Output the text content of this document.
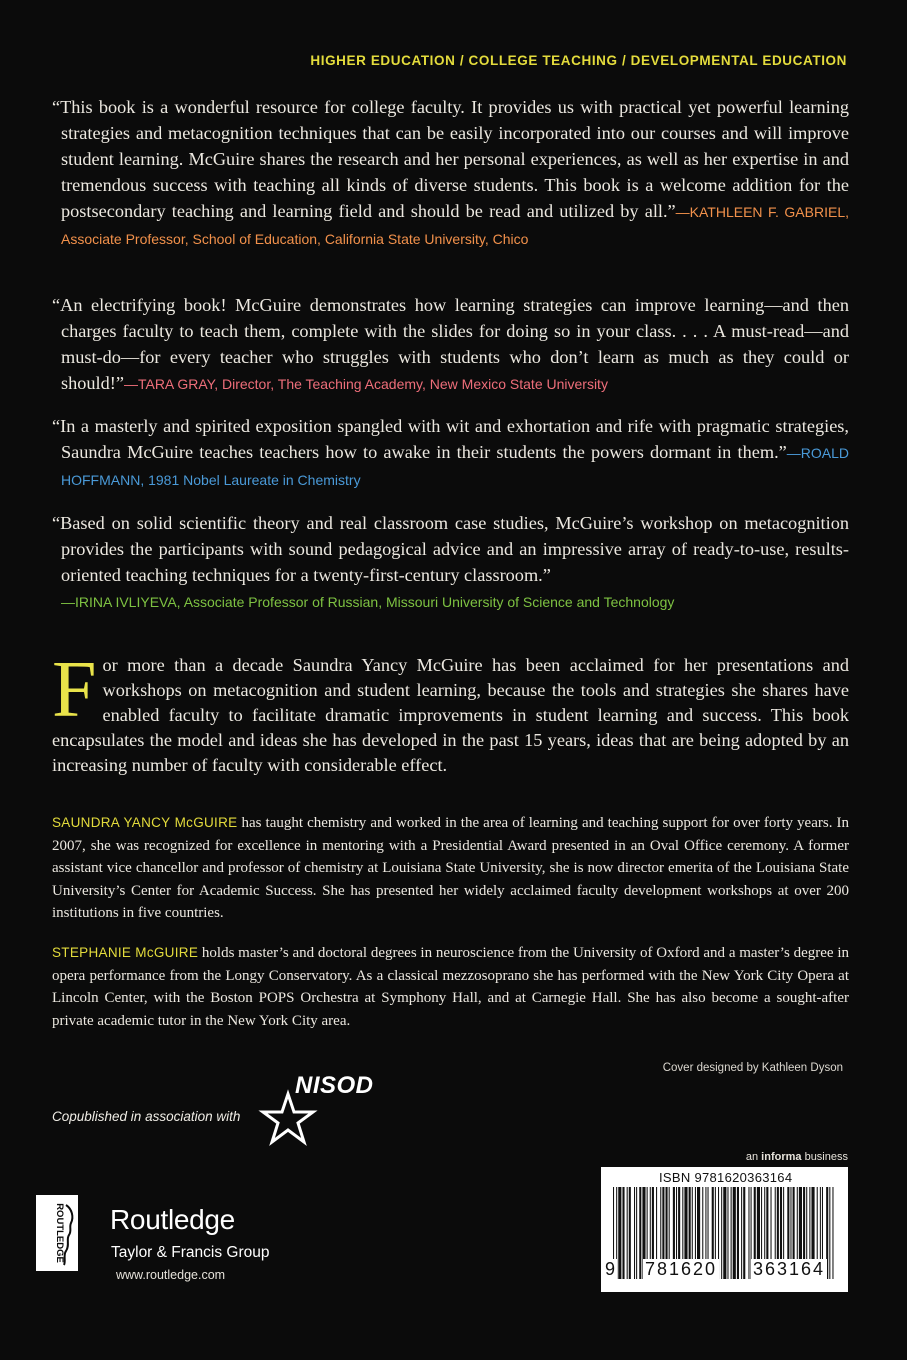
HIGHER EDUCATION / COLLEGE TEACHING / DEVELOPMENTAL EDUCATION

“This book is a wonderful resource for college faculty. It provides us with practical yet powerful learning strategies and metacognition techniques that can be easily incorporated into our courses and will improve student learning. McGuire shares the research and her personal experiences, as well as her expertise in and tremendous success with teaching all kinds of diverse students. This book is a welcome addition for the postsecondary teaching and learning field and should be read and utilized by all.”—KATHLEEN F. GABRIEL, Associate Professor, School of Education, California State University, Chico

“An electrifying book! McGuire demonstrates how learning strategies can improve learning—and then charges faculty to teach them, complete with the slides for doing so in your class. . . . A must-read—and must-do—for every teacher who struggles with students who don’t learn as much as they could or should!”—TARA GRAY, Director, The Teaching Academy, New Mexico State University

“In a masterly and spirited exposition spangled with wit and exhortation and rife with pragmatic strategies, Saundra McGuire teaches teachers how to awake in their students the powers dormant in them.”—ROALD HOFFMANN, 1981 Nobel Laureate in Chemistry

“Based on solid scientific theory and real classroom case studies, McGuire’s workshop on metacognition provides the participants with sound pedagogical advice and an impressive array of ready-to-use, results-oriented teaching techniques for a twenty-first-century classroom.”
—IRINA IVLIYEVA, Associate Professor of Russian, Missouri University of Science and Technology

For more than a decade Saundra Yancy McGuire has been acclaimed for her presentations and workshops on metacognition and student learning, because the tools and strategies she shares have enabled faculty to facilitate dramatic improvements in student learning and success. This book encapsulates the model and ideas she has developed in the past 15 years, ideas that are being adopted by an increasing number of faculty with considerable effect.

SAUNDRA YANCY McGUIRE has taught chemistry and worked in the area of learning and teaching support for over forty years. In 2007, she was recognized for excellence in mentoring with a Presidential Award presented in an Oval Office ceremony. A former assistant vice chancellor and professor of chemistry at Louisiana State University, she is now director emerita of the Louisiana State University’s Center for Academic Success. She has presented her widely acclaimed faculty development workshops at over 200 institutions in five countries.

STEPHANIE McGUIRE holds master’s and doctoral degrees in neuroscience from the University of Oxford and a master’s degree in opera performance from the Longy Conservatory. As a classical mezzosoprano she has performed with the New York City Opera at Lincoln Center, with the Boston POPS Orchestra at Symphony Hall, and at Carnegie Hall. She has also become a sought-after private academic tutor in the New York City area.

Cover designed by Kathleen Dyson
Copublished in association with
NISOD
an informa business
ISBN 9781620363164
9 781620 363164
ROUTLEDGE Routledge
Taylor & Francis Group
www.routledge.com
